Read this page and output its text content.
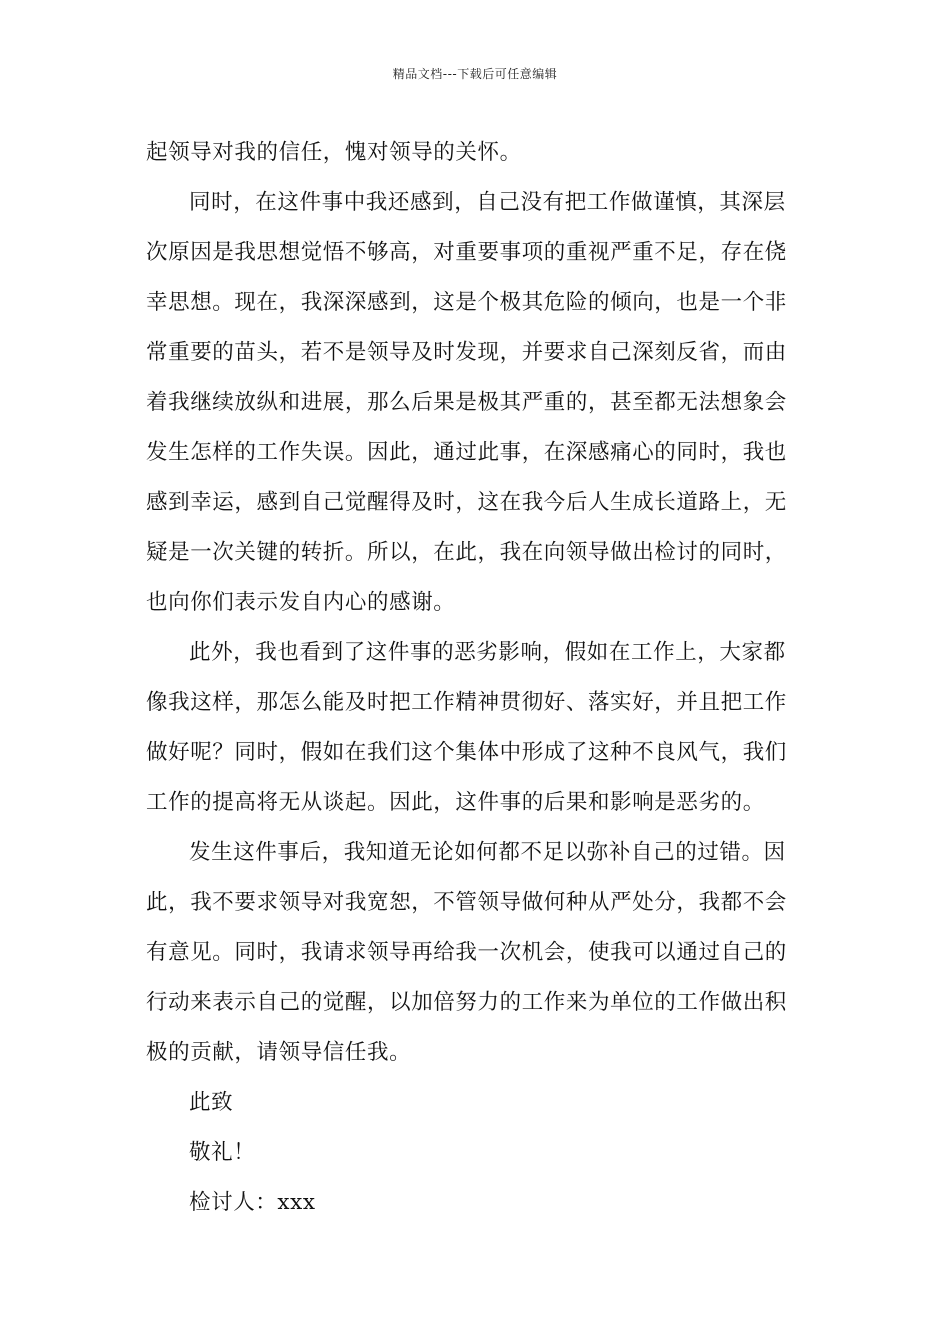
精品文档---下载后可任意编辑
起领导对我的信任，愧对领导的关怀。
同时，在这件事中我还感到，自己没有把工作做谨慎，其深层
次原因是我思想觉悟不够高，对重要事项的重视严重不足，存在侥
幸思想。现在，我深深感到，这是个极其危险的倾向，也是一个非
常重要的苗头，若不是领导及时发现，并要求自己深刻反省，而由
着我继续放纵和进展，那么后果是极其严重的，甚至都无法想象会
发生怎样的工作失误。因此，通过此事，在深感痛心的同时，我也
感到幸运，感到自己觉醒得及时，这在我今后人生成长道路上，无
疑是一次关键的转折。所以，在此，我在向领导做出检讨的同时，
也向你们表示发自内心的感谢。
此外，我也看到了这件事的恶劣影响，假如在工作上，大家都
像我这样，那怎么能及时把工作精神贯彻好、落实好，并且把工作
做好呢？同时，假如在我们这个集体中形成了这种不良风气，我们
工作的提高将无从谈起。因此，这件事的后果和影响是恶劣的。
发生这件事后，我知道无论如何都不足以弥补自己的过错。因
此，我不要求领导对我宽恕，不管领导做何种从严处分，我都不会
有意见。同时，我请求领导再给我一次机会，使我可以通过自己的
行动来表示自己的觉醒，以加倍努力的工作来为单位的工作做出积
极的贡献，请领导信任我。
此致
敬礼！
检讨人：xxx
